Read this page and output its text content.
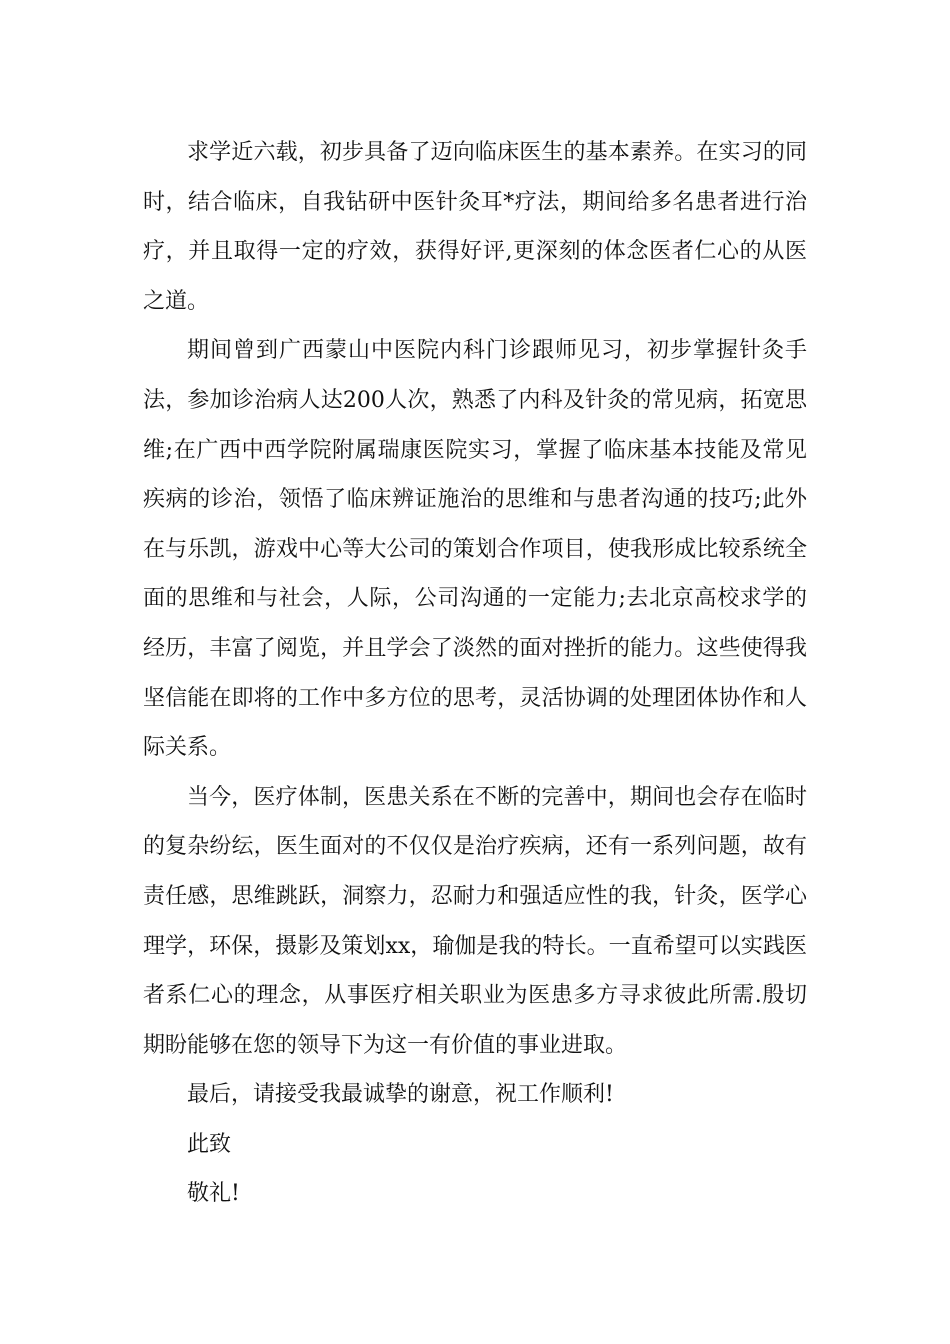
求学近六载，初步具备了迈向临床医生的基本素养。在实习的同时，结合临床，自我钻研中医针灸耳*疗法，期间给多名患者进行治疗，并且取得一定的疗效，获得好评,更深刻的体念医者仁心的从医之道。

期间曾到广西蒙山中医院内科门诊跟师见习，初步掌握针灸手法，参加诊治病人达200人次，熟悉了内科及针灸的常见病，拓宽思维;在广西中西学院附属瑞康医院实习，掌握了临床基本技能及常见疾病的诊治，领悟了临床辨证施治的思维和与患者沟通的技巧;此外在与乐凯，游戏中心等大公司的策划合作项目，使我形成比较系统全面的思维和与社会，人际，公司沟通的一定能力;去北京高校求学的经历，丰富了阅览，并且学会了淡然的面对挫折的能力。这些使得我坚信能在即将的工作中多方位的思考，灵活协调的处理团体协作和人际关系。

当今，医疗体制，医患关系在不断的完善中，期间也会存在临时的复杂纷纭，医生面对的不仅仅是治疗疾病，还有一系列问题，故有责任感，思维跳跃，洞察力，忍耐力和强适应性的我，针灸，医学心理学，环保，摄影及策划xx，瑜伽是我的特长。一直希望可以实践医者系仁心的理念，从事医疗相关职业为医患多方寻求彼此所需.殷切期盼能够在您的领导下为这一有价值的事业进取。

最后，请接受我最诚挚的谢意，祝工作顺利!

此致

敬礼!
